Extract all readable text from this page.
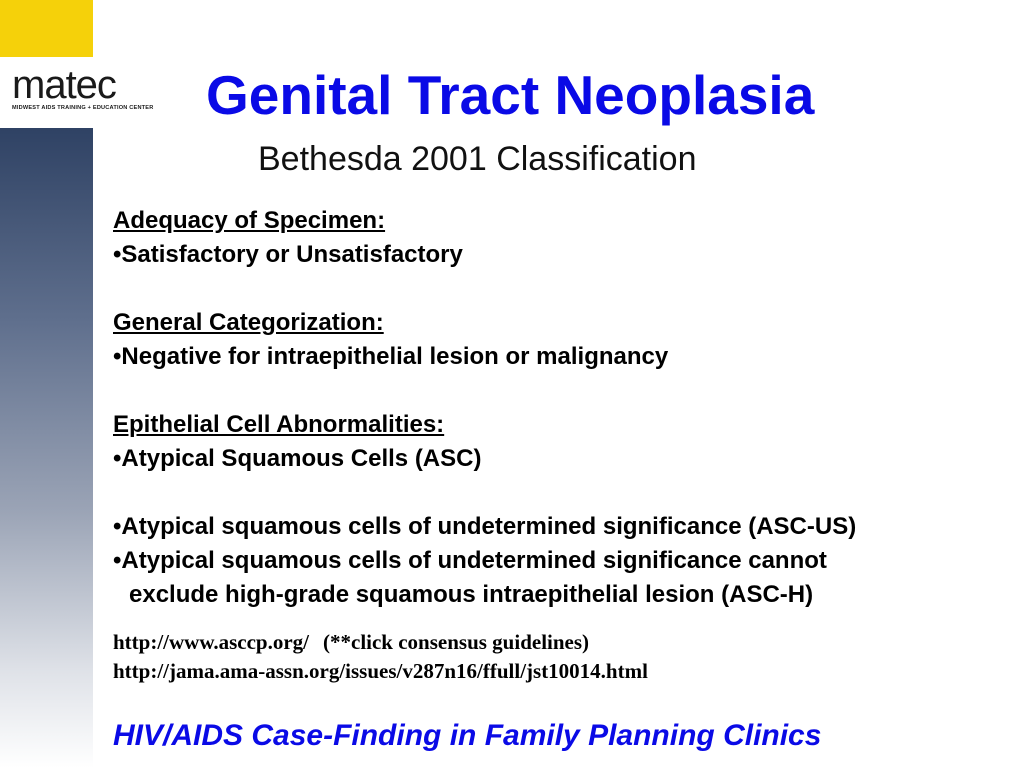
matec
MIDWEST AIDS TRAINING + EDUCATION CENTER Genital Tract Neoplasia
Bethesda 2001 Classification
Adequacy of Specimen:
•Satisfactory or Unsatisfactory
General Categorization:
•Negative for intraepithelial lesion or malignancy
Epithelial Cell Abnormalities:
•Atypical Squamous Cells (ASC)
•Atypical squamous cells of undetermined significance (ASC-US)
•Atypical squamous cells of undetermined significance cannot
exclude high-grade squamous intraepithelial lesion (ASC-H)
http://www.asccp.org/ (**click consensus guidelines)
http://jama.ama-assn.org/issues/v287n16/ffull/jst10014.html
HIV/AIDS Case-Finding in Family Planning Clinics
